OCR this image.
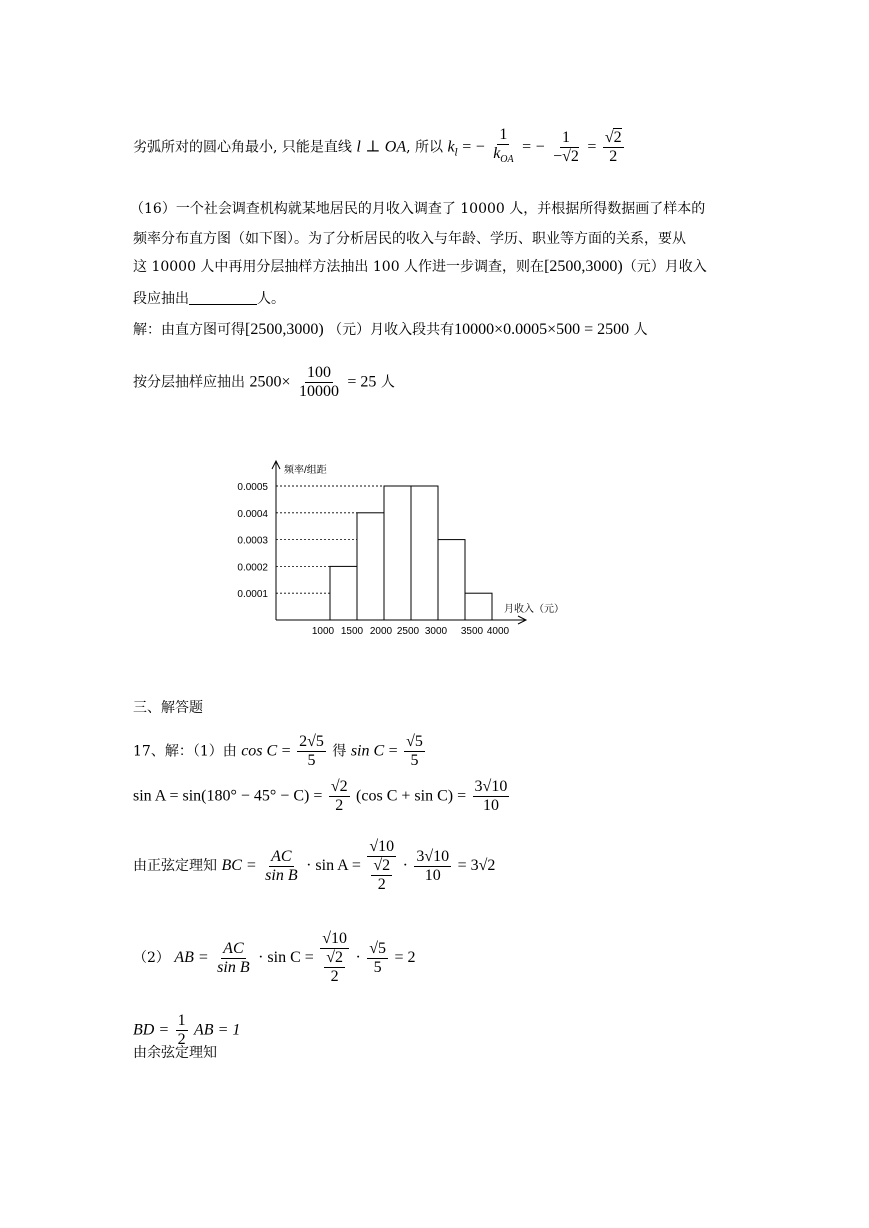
劣弧所对的圆心角最小, 只能是直线 l ⊥ OA, 所以 $k_l$ = − $\frac{1}{k_{OA}}$ = − $\frac{1}{-√2} = \frac{√2}{2}$
（16）一个社会调查机构就某地居民的月收入调查了 10000 人，并根据所得数据画了样本的
频率分布直方图（如下图）。为了分析居民的收入与年龄、学历、职业等方面的关系，要从
这 10000 人中再用分层抽样方法抽出 100 人作进一步调查，则在[2500,3000)（元）月收入
段应抽出	人。
解：由直方图可得[2500,3000) （元）月收入段共有10000×0.0005×500 = 2500 人
按分层抽样应抽出 $2500\times \frac{100}{10000} = 25$ 人
0.0001
0.0002
0.0003
0.0004
0.0005
1000 1500 2000 2500 3000 3500 4000
频率/组距
月收入（元）
三、解答题
17、解：（1）由 $\cos C = \frac{2√5}{5}$ 得 $\sin C = \frac{√5}{5}$
$\sin A = \sin(180^\circ - 45^\circ - C) = \frac{√2}{2} (\cos$ $C + \sin C) = \frac{3√10}{10}$
由正弦定理知 BC = $\frac{AC}{\text{sin B}} \cdot \sin A = \frac{√10}{\frac{√2}{2}} \cdot \frac{3√10}{10} = 3√2$
（2） AB = $\frac{AC}{\text{sin B}} \cdot \sin C = \frac{√10}{\frac{√2}{2}} \cdot \frac{√5}{5} = 2$
BD = $\frac{1}{2}$ AB = 1
由余弦定理知
